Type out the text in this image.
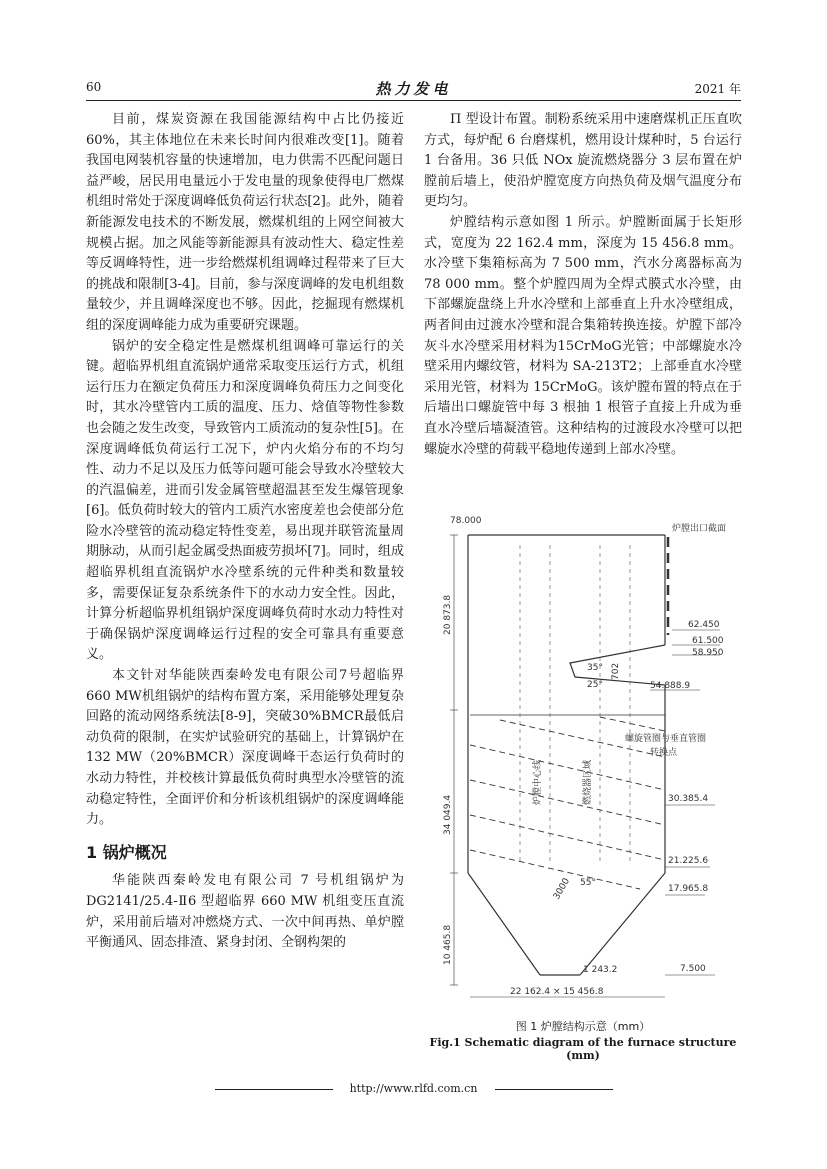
60	热力发电	2021 年

目前，煤炭资源在我国能源结构中占比仍接近60%，其主体地位在未来长时间内很难改变[1]。随着我国电网装机容量的快速增加，电力供需不匹配问题日益严峻，居民用电量远小于发电量的现象使得电厂燃煤机组时常处于深度调峰低负荷运行状态[2]。此外，随着新能源发电技术的不断发展，燃煤机组的上网空间被大规模占据。加之风能等新能源具有波动性大、稳定性差等反调峰特性，进一步给燃煤机组调峰过程带来了巨大的挑战和限制[3-4]。目前，参与深度调峰的发电机组数量较少，并且调峰深度也不够。因此，挖掘现有燃煤机组的深度调峰能力成为重要研究课题。

锅炉的安全稳定性是燃煤机组调峰可靠运行的关键。超临界机组直流锅炉通常采取变压运行方式，机组运行压力在额定负荷压力和深度调峰负荷压力之间变化时，其水冷壁管内工质的温度、压力、焓值等物性参数也会随之发生改变，导致管内工质流动的复杂性[5]。在深度调峰低负荷运行工况下，炉内火焰分布的不均匀性、动力不足以及压力低等问题可能会导致水冷壁较大的汽温偏差，进而引发金属管壁超温甚至发生爆管现象[6]。低负荷时较大的管内工质汽水密度差也会使部分危险水冷壁管的流动稳定特性变差，易出现并联管流量周期脉动，从而引起金属受热面疲劳损坏[7]。同时，组成超临界机组直流锅炉水冷壁系统的元件种类和数量较多，需要保证复杂系统条件下的水动力安全性。因此，计算分析超临界机组锅炉深度调峰负荷时水动力特性对于确保锅炉深度调峰运行过程的安全可靠具有重要意义。

本文针对华能陕西秦岭发电有限公司7号超临界660 MW机组锅炉的结构布置方案，采用能够处理复杂回路的流动网络系统法[8-9]，突破30%BMCR最低启动负荷的限制，在实炉试验研究的基础上，计算锅炉在132 MW（20%BMCR）深度调峰干态运行负荷时的水动力特性，并校核计算最低负荷时典型水冷壁管的流动稳定特性，全面评价和分析该机组锅炉的深度调峰能力。

1 锅炉概况

华能陕西秦岭发电有限公司 7 号机组锅炉为DG2141/25.4-Ⅱ6 型超临界 660 MW 机组变压直流炉，采用前后墙对冲燃烧方式、一次中间再热、单炉膛平衡通风、固态排渣、紧身封闭、全钢构架的

Π 型设计布置。制粉系统采用中速磨煤机正压直吹方式，每炉配 6 台磨煤机，燃用设计煤种时，5 台运行 1 台备用。36 只低 NOx 旋流燃烧器分 3 层布置在炉膛前后墙上，使沿炉膛宽度方向热负荷及烟气温度分布更均匀。

炉膛结构示意如图 1 所示。炉膛断面属于长矩形式，宽度为 22 162.4 mm，深度为 15 456.8 mm。水冷壁下集箱标高为 7 500 mm，汽水分离器标高为 78 000 mm。整个炉膛四周为全焊式膜式水冷壁，由下部螺旋盘绕上升水冷壁和上部垂直上升水冷壁组成，两者间由过渡水冷壁和混合集箱转换连接。炉膛下部冷灰斗水冷壁采用材料为15CrMoG光管；中部螺旋水冷壁采用内螺纹管，材料为 SA-213T2；上部垂直水冷壁采用光管，材料为 15CrMoG。该炉膛布置的特点在于后墙出口螺旋管中每 3 根抽 1 根管子直接上升成为垂直水冷壁后墙凝渣管。这种结构的过渡段水冷壁可以把螺旋水冷壁的荷载平稳地传递到上部水冷壁。

78.000
炉膛出口截面
20 873.8	62.450
61.500
58.950
35°
25°
702
54.888.9
螺旋管圈与垂直管圈
转换点
炉膛中心线	燃烧器区域
34 049.4	30.385.4
21.225.6
17.965.8
55°
3000
10 465.8
1 243.2	7.500
22 162.4 × 15 456.8
图 1 炉膛结构示意（mm）
Fig.1 Schematic diagram of the furnace structure (mm)
http://www.rlfd.com.cn
